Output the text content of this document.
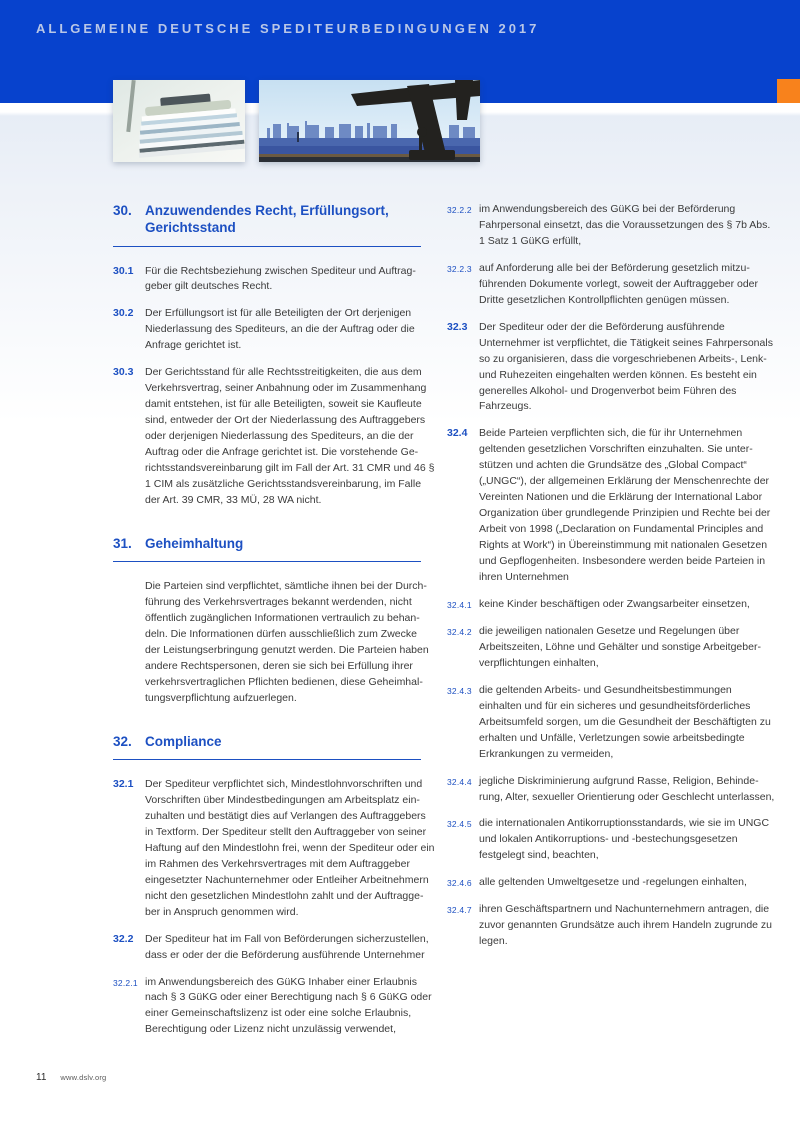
ALLGEMEINE DEUTSCHE SPEDITEURBEDINGUNGEN 2017
30. Anzuwendendes Recht, Erfüllungsort, Gerichtsstand
30.1	Für die Rechtsbeziehung zwischen Spediteur und Auftraggeber gilt deutsches Recht.

30.2	Der Erfüllungsort ist für alle Beteiligten der Ort derjenigen Niederlassung des Spediteurs, an die der Auftrag oder die Anfrage gerichtet ist.

30.3	Der Gerichtsstand für alle Rechtsstreitigkeiten, die aus dem Verkehrsvertrag, seiner Anbahnung oder im Zusammenhang damit entstehen, ist für alle Beteiligten, soweit sie Kaufleute sind, entweder der Ort der Niederlassung des Auftraggebers oder derjenigen Niederlassung des Spediteurs, an die der Auftrag oder die Anfrage gerichtet ist. Die vorstehende Gerichtsstandsvereinbarung gilt im Fall der Art. 31 CMR und 46 § 1 CIM als zusätzliche Gerichtsstandsvereinbarung, im Falle der Art. 39 CMR, 33 MÜ, 28 WA nicht.

31. Geheimhaltung

Die Parteien sind verpflichtet, sämtliche ihnen bei der Durchführung des Verkehrsvertrages bekannt werdenden, nicht öffentlich zugänglichen Informationen vertraulich zu behandeln. Die Informationen dürfen ausschließlich zum Zwecke der Leistungserbringung genutzt werden. Die Parteien haben andere Rechtspersonen, deren sie sich bei Erfüllung ihrer verkehrsvertraglichen Pflichten bedienen, diese Geheimhaltungsverpflichtung aufzuerlegen.

32. Compliance
32.1	Der Spediteur verpflichtet sich, Mindestlohnvorschriften und Vorschriften über Mindestbedingungen am Arbeitsplatz einzuhalten und bestätigt dies auf Verlangen des Auftraggebers in Textform. Der Spediteur stellt den Auftraggeber von seiner Haftung auf den Mindestlohn frei, wenn der Spediteur oder ein im Rahmen des Verkehrsvertrages mit dem Auftraggeber eingesetzter Nachunternehmer oder Entleiher Arbeitnehmern nicht den gesetzlichen Mindestlohn zahlt und der Auftraggeber in Anspruch genommen wird.

32.2	Der Spediteur hat im Fall von Beförderungen sicherzustellen, dass er oder der die Beförderung ausführende Unternehmer

32.2.1 im Anwendungsbereich des GüKG Inhaber einer Erlaubnis nach § 3 GüKG oder einer Berechtigung nach § 6 GüKG oder einer Gemeinschaftslizenz ist oder eine solche Erlaubnis, Berechtigung oder Lizenz nicht unzulässig verwendet,

32.2.2 im Anwendungsbereich des GüKG bei der Beförderung Fahrpersonal einsetzt, das die Voraussetzungen des § 7b Abs. 1 Satz 1 GüKG erfüllt,

32.2.3 auf Anforderung alle bei der Beförderung gesetzlich mitzuführenden Dokumente vorlegt, soweit der Auftraggeber oder Dritte gesetzlichen Kontrollpflichten genügen müssen.

32.3	Der Spediteur oder der die Beförderung ausführende Unternehmer ist verpflichtet, die Tätigkeit seines Fahrpersonals so zu organisieren, dass die vorgeschriebenen Arbeits-, Lenk- und Ruhezeiten eingehalten werden können. Es besteht ein generelles Alkohol- und Drogenverbot beim Führen des Fahrzeugs.

32.4	Beide Parteien verpflichten sich, die für ihr Unternehmen geltenden gesetzlichen Vorschriften einzuhalten. Sie unterstützen und achten die Grundsätze des „Global Compact“ („UNGC“), der allgemeinen Erklärung der Menschenrechte der Vereinten Nationen und die Erklärung der International Labor Organization über grundlegende Prinzipien und Rechte bei der Arbeit von 1998 („Declaration on Fundamental Principles and Rights at Work“) in Übereinstimmung mit nationalen Gesetzen und Gepflogenheiten. Insbesondere werden beide Parteien in ihren Unternehmen

32.4.1 keine Kinder beschäftigen oder Zwangsarbeiter einsetzen,

32.4.2 die jeweiligen nationalen Gesetze und Regelungen über Arbeitszeiten, Löhne und Gehälter und sonstige Arbeitgeberverpflichtungen einhalten,

32.4.3 die geltenden Arbeits- und Gesundheitsbestimmungen einhalten und für ein sicheres und gesundheitsförderliches Arbeitsumfeld sorgen, um die Gesundheit der Beschäftigten zu erhalten und Unfälle, Verletzungen sowie arbeitsbedingte Erkrankungen zu vermeiden,

32.4.4 jegliche Diskriminierung aufgrund Rasse, Religion, Behinderung, Alter, sexueller Orientierung oder Geschlecht unterlassen,

32.4.5 die internationalen Antikorruptionsstandards, wie sie im UNGC und lokalen Antikorruptions- und -bestechungsgesetzen festgelegt sind, beachten,

32.4.6 alle geltenden Umweltgesetze und -regelungen einhalten,

32.4.7 ihren Geschäftspartnern und Nachunternehmern antragen, die zuvor genannten Grundsätze auch ihrem Handeln zugrunde zu legen.

11 www.dslv.org
